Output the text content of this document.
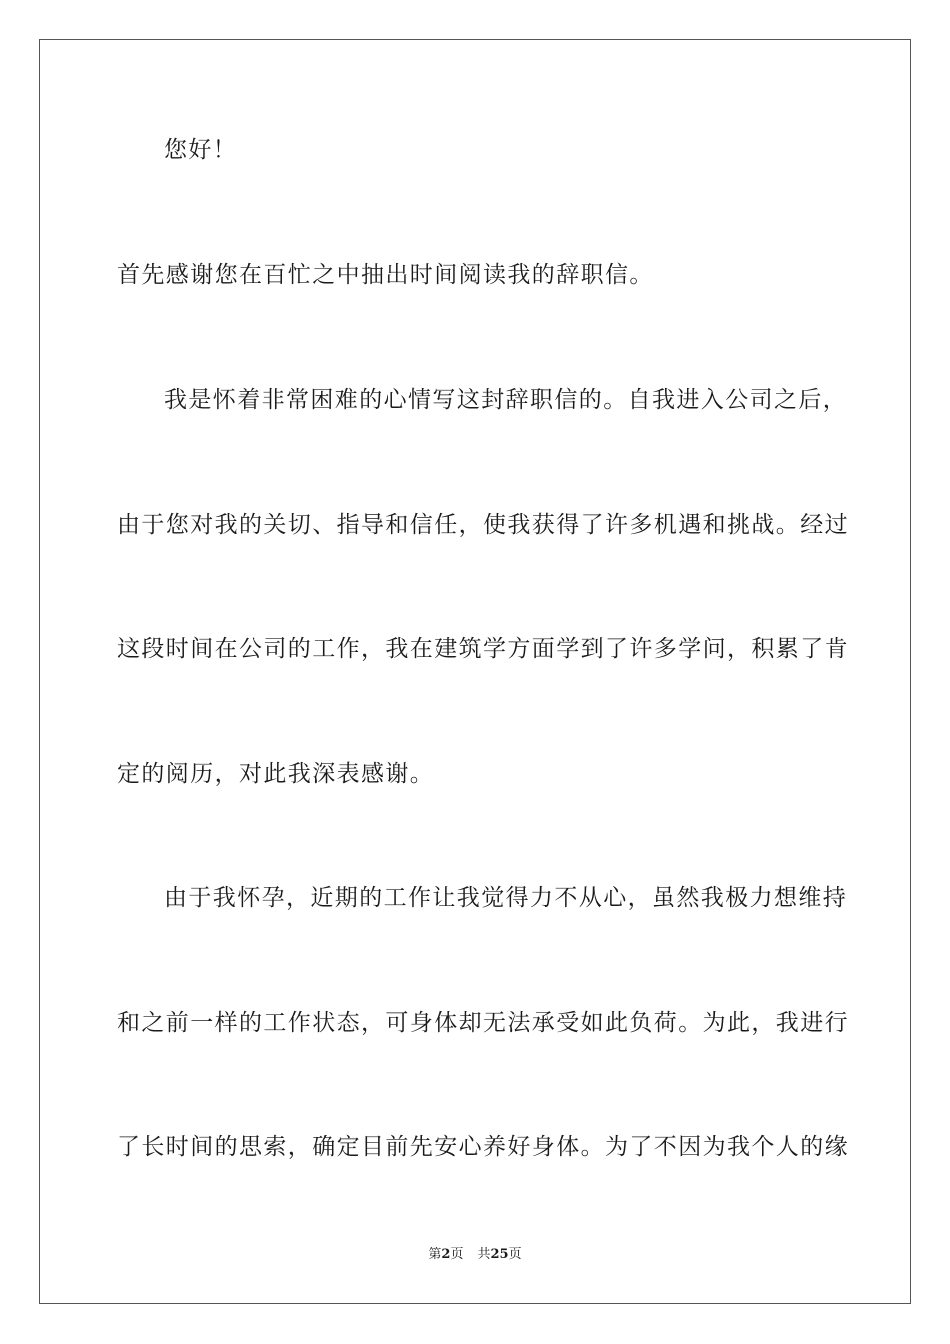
您好！
首先感谢您在百忙之中抽出时间阅读我的辞职信。
我是怀着非常困难的心情写这封辞职信的。自我进入公司之后，
由于您对我的关切、指导和信任，使我获得了许多机遇和挑战。经过
这段时间在公司的工作，我在建筑学方面学到了许多学问，积累了肯
定的阅历，对此我深表感谢。
由于我怀孕，近期的工作让我觉得力不从心，虽然我极力想维持
和之前一样的工作状态，可身体却无法承受如此负荷。为此，我进行
了长时间的思索，确定目前先安心养好身体。为了不因为我个人的缘
第2页 共25页
